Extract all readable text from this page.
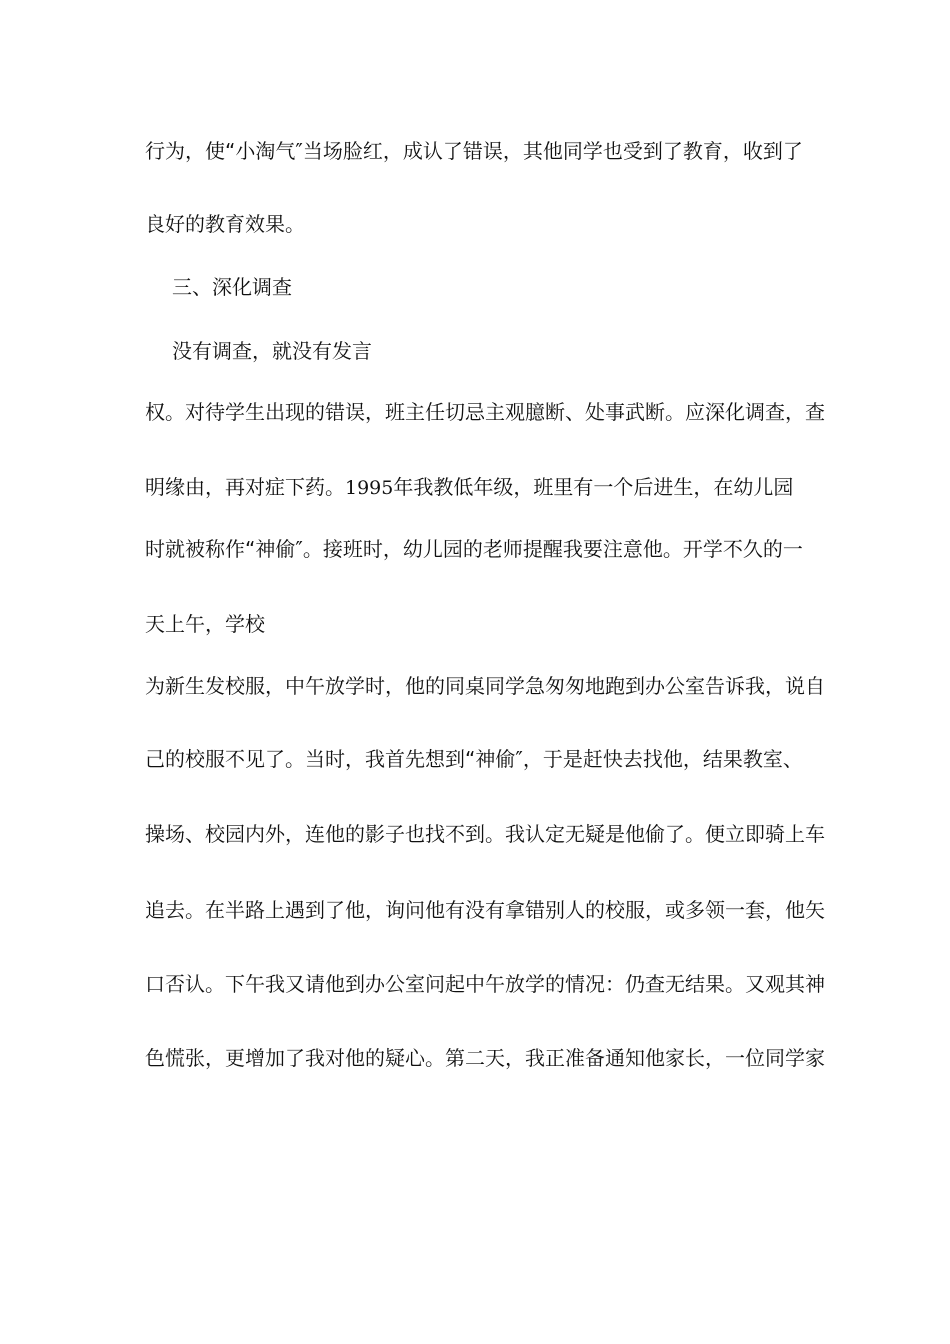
行为，使“小淘气″当场脸红，成认了错误，其他同学也受到了教育，收到了
良好的教育效果。
三、深化调查
没有调查，就没有发言
权。对待学生出现的错误，班主任切忌主观臆断、处事武断。应深化调查，查
明缘由，再对症下药。1995年我教低年级，班里有一个后进生，在幼儿园
时就被称作“神偷″。接班时，幼儿园的老师提醒我要注意他。开学不久的一
天上午，学校
为新生发校服，中午放学时，他的同桌同学急匆匆地跑到办公室告诉我，说自
己的校服不见了。当时，我首先想到“神偷″，于是赶快去找他，结果教室、
操场、校园内外，连他的影子也找不到。我认定无疑是他偷了。便立即骑上车
追去。在半路上遇到了他，询问他有没有拿错别人的校服，或多领一套，他矢
口否认。下午我又请他到办公室问起中午放学的情况：仍查无结果。又观其神
色慌张，更增加了我对他的疑心。第二天，我正准备通知他家长，一位同学家
